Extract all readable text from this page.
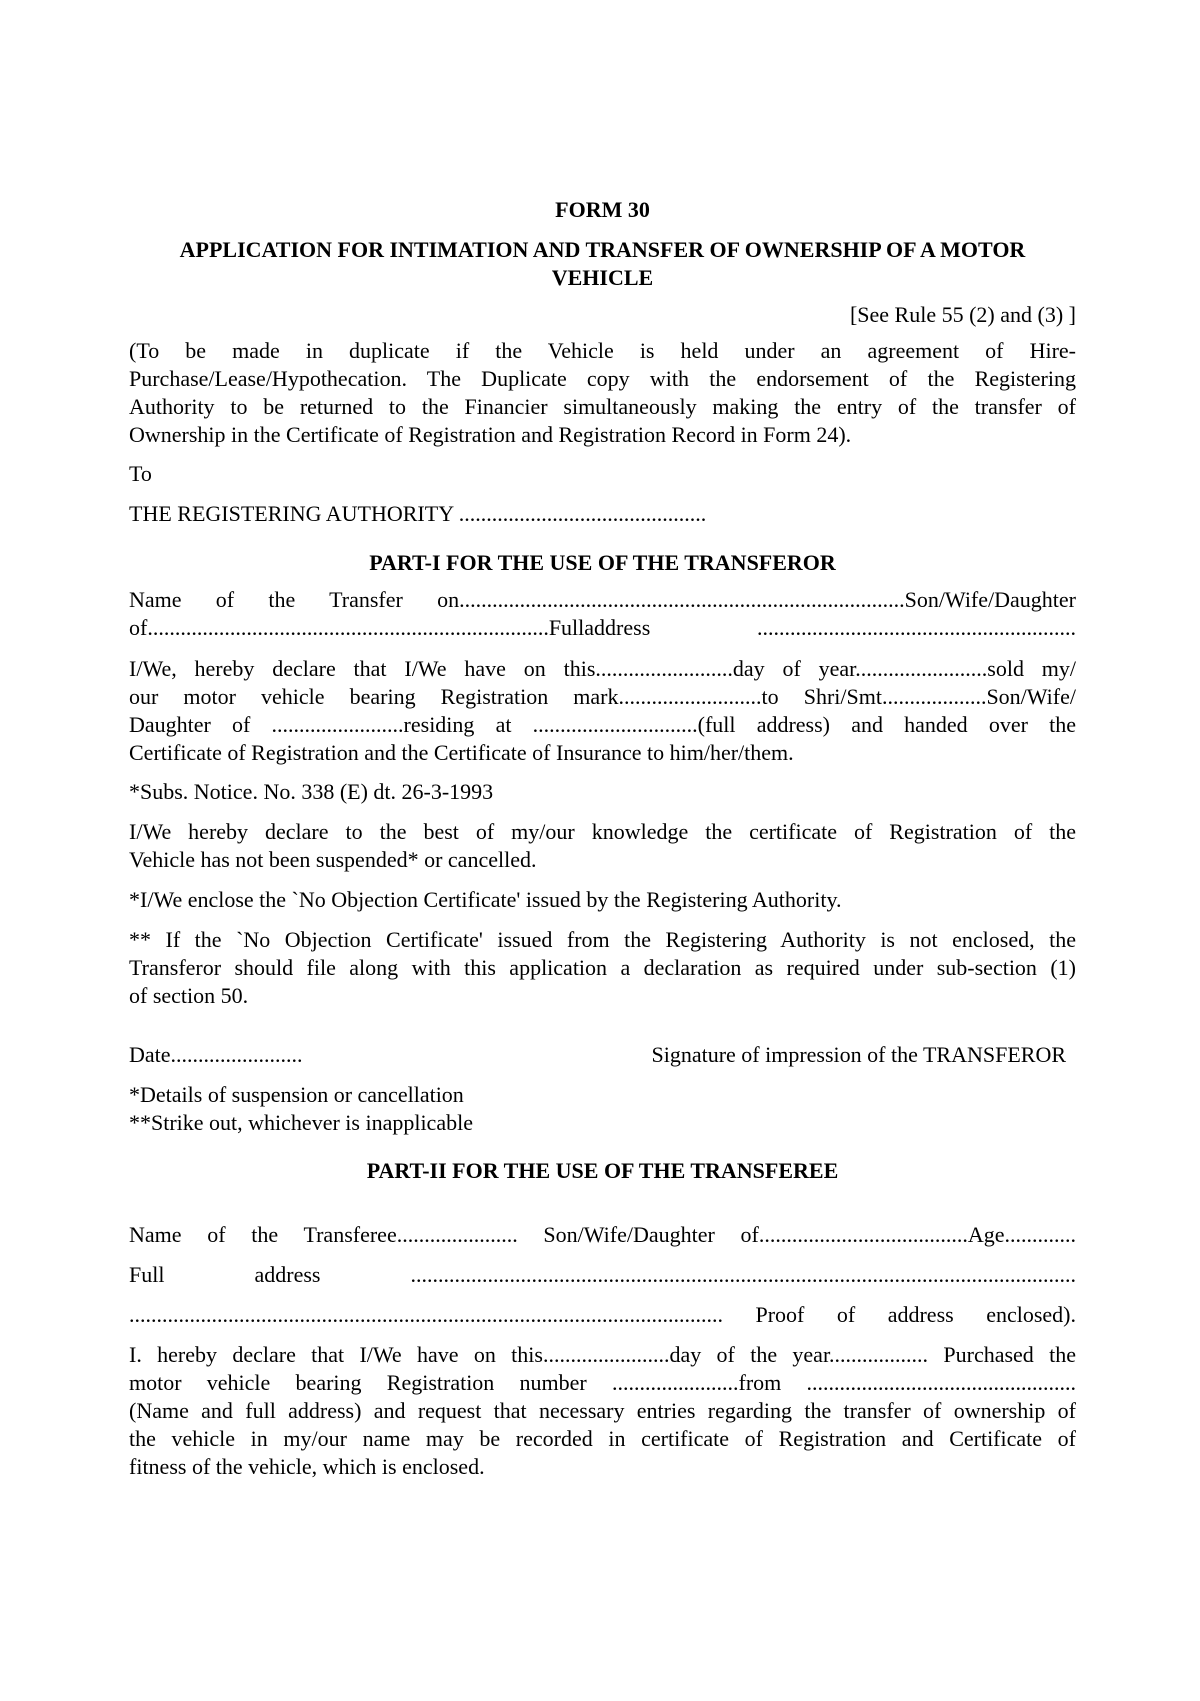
FORM 30
APPLICATION FOR INTIMATION AND TRANSFER OF OWNERSHIP OF A MOTOR
VEHICLE
[See Rule 55 (2) and (3) ]
(To be made in duplicate if the Vehicle is held under an agreement of Hire-
Purchase/Lease/Hypothecation. The Duplicate copy with the endorsement of the Registering
Authority to be returned to the Financier simultaneously making the entry of the transfer of
Ownership in the Certificate of Registration and Registration Record in Form 24).
To
THE REGISTERING AUTHORITY .............................................
PART-I FOR THE USE OF THE TRANSFEROR
Name of the Transfer on.................................................................................Son/Wife/Daughter
of.........................................................................Fulladdress ..........................................................
I/We, hereby declare that I/We have on this.........................day of year........................sold my/
our motor vehicle bearing Registration mark..........................to Shri/Smt...................Son/Wife/
Daughter of ........................residing at ..............................(full address) and handed over the
Certificate of Registration and the Certificate of Insurance to him/her/them.
*Subs. Notice. No. 338 (E) dt. 26-3-1993
I/We hereby declare to the best of my/our knowledge the certificate of Registration of the
Vehicle has not been suspended* or cancelled.
*I/We enclose the `No Objection Certificate' issued by the Registering Authority.
** If the `No Objection Certificate' issued from the Registering Authority is not enclosed, the
Transferor should file along with this application a declaration as required under sub-section (1)
of section 50.
Date........................	Signature of impression of the TRANSFEROR
*Details of suspension or cancellation
**Strike out, whichever is inapplicable
PART-II FOR THE USE OF THE TRANSFEREE
Name of the Transferee...................... Son/Wife/Daughter of......................................Age.............
Full address .........................................................................................................................
............................................................................................................ Proof of address enclosed).
I. hereby declare that I/We have on this.......................day of the year.................. Purchased the
motor vehicle bearing Registration number .......................from .................................................
(Name and full address) and request that necessary entries regarding the transfer of ownership of
the vehicle in my/our name may be recorded in certificate of Registration and Certificate of
fitness of the vehicle, which is enclosed.
